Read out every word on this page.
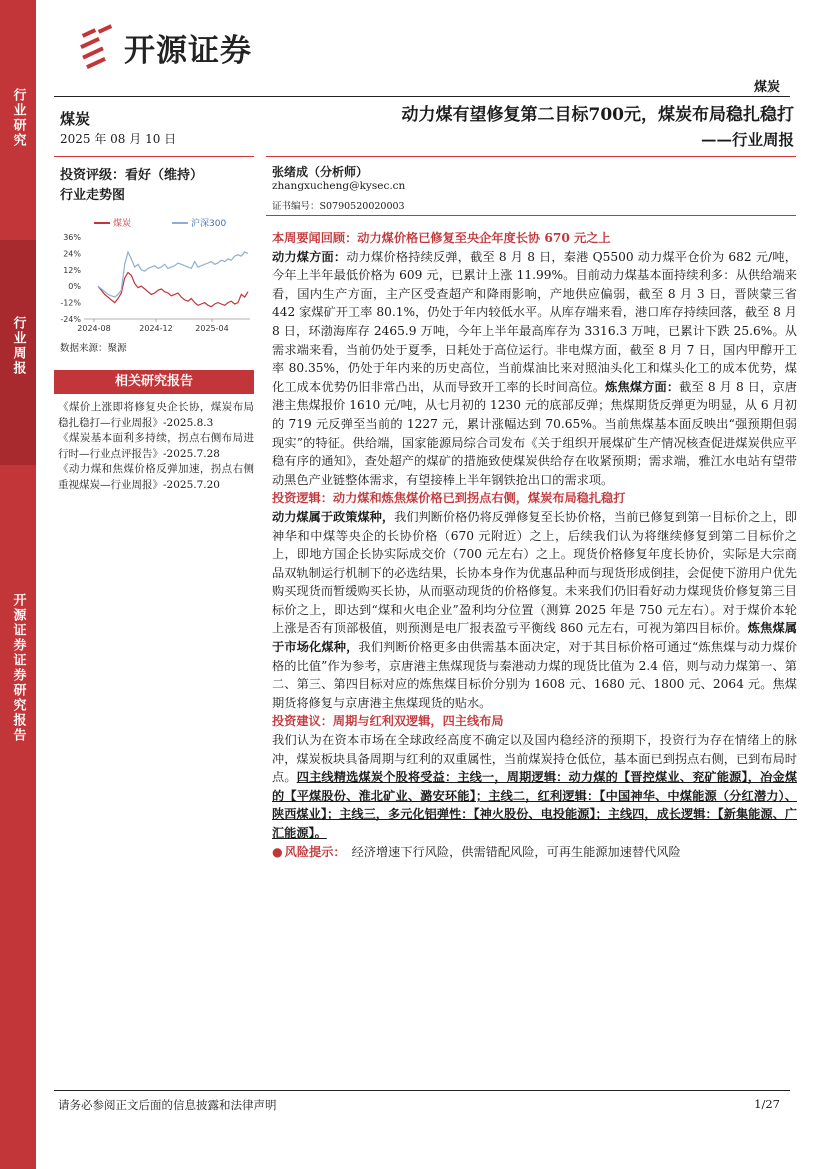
行业研究
行业周报
开源证券证券研究报告
开源证券
煤炭
动力煤有望修复第二目标700元，煤炭布局稳扎稳打
——行业周报
煤炭
2025 年 08 月 10 日
投资评级：看好（维持）
行业走势图
煤炭	沪深300
36%
24%
12%
0%
-12%
-24%
2024-08	2024-12	2025-04
数据来源：聚源
相关研究报告
《煤价上涨即将修复央企长协，煤炭布局稳扎稳打—行业周报》-2025.8.3
《煤炭基本面利多持续，拐点右侧布局进行时—行业点评报告》-2025.7.28
《动力煤和焦煤价格反弹加速，拐点右侧重视煤炭—行业周报》-2025.7.20
张绪成（分析师）
zhangxucheng@kysec.cn
证书编号：S0790520020003

本周要闻回顾：动力煤价格已修复至央企年度长协 670 元之上

动力煤方面：动力煤价格持续反弹，截至 8 月 8 日，秦港 Q5500 动力煤平仓价为 682 元/吨，今年上半年最低价格为 609 元，已累计上涨 11.99%。目前动力煤基本面持续利多：从供给端来看，国内生产方面，主产区受查超产和降雨影响，产地供应偏弱，截至 8 月 3 日，晋陕蒙三省 442 家煤矿开工率 80.1%，仍处于年内较低水平。从库存端来看，港口库存持续回落，截至 8 月 8 日，环渤海库存 2465.9 万吨，今年上半年最高库存为 3316.3 万吨，已累计下跌 25.6%。从需求端来看，当前仍处于夏季，日耗处于高位运行。非电煤方面，截至 8 月 7 日，国内甲醇开工率 80.35%，仍处于年内来的历史高位，当前煤油比来对照油头化工和煤头化工的成本优势，煤化工成本优势仍旧非常凸出，从而导致开工率的长时间高位。炼焦煤方面：截至 8 月 8 日，京唐港主焦煤报价 1610 元/吨，从七月初的 1230 元的底部反弹；焦煤期货反弹更为明显，从 6 月初的 719 元反弹至当前的 1227 元，累计涨幅达到 70.65%。当前焦煤基本面反映出“强预期但弱现实”的特征。供给端，国家能源局综合司发布《关于组织开展煤矿生产情况核查促进煤炭供应平稳有序的通知》，查处超产的煤矿的措施致使煤炭供给存在收紧预期；需求端，雅江水电站有望带动黑色产业链整体需求，有望接棒上半年钢铁抢出口的需求项。

投资逻辑：动力煤和炼焦煤价格已到拐点右侧，煤炭布局稳扎稳打

动力煤属于政策煤种，我们判断价格仍将反弹修复至长协价格，当前已修复到第一目标价之上，即神华和中煤等央企的长协价格（670 元附近）之上，后续我们认为将继续修复到第二目标价之上，即地方国企长协实际成交价（700 元左右）之上。现货价格修复年度长协价，实际是大宗商品双轨制运行机制下的必选结果，长协本身作为优惠品种而与现货形成倒挂，会促使下游用户优先购买现货而暂缓购买长协，从而驱动现货的价格修复。未来我们仍旧看好动力煤现货价修复第三目标价之上，即达到“煤和火电企业”盈利均分位置（测算 2025 年是 750 元左右）。对于煤价本轮上涨是否有顶部极值，则预测是电厂报表盈亏平衡线 860 元左右，可视为第四目标价。炼焦煤属于市场化煤种，我们判断价格更多由供需基本面决定，对于其目标价格可通过“炼焦煤与动力煤价格的比值”作为参考，京唐港主焦煤现货与秦港动力煤的现货比值为 2.4 倍，则与动力煤第一、第二、第三、第四目标对应的炼焦煤目标价分别为 1608 元、1680 元、1800 元、2064 元。焦煤期货将修复与京唐港主焦煤现货的贴水。

投资建议：周期与红利双逻辑，四主线布局

我们认为在资本市场在全球政经高度不确定以及国内稳经济的预期下，投资行为存在情绪上的脉冲，煤炭板块具备周期与红利的双重属性，当前煤炭持仓低位，基本面已到拐点右侧，已到布局时点。四主线精选煤炭个股将受益：主线一，周期逻辑：动力煤的【晋控煤业、兖矿能源】，冶金煤的【平煤股份、淮北矿业、潞安环能】；主线二，红利逻辑：【中国神华、中煤能源（分红潜力）、陕西煤业】；主线三，多元化铝弹性：【神火股份、电投能源】；主线四，成长逻辑：【新集能源、广汇能源】。

● 风险提示： 经济增速下行风险，供需错配风险，可再生能源加速替代风险
请务必参阅正文后面的信息披露和法律声明	1/27
